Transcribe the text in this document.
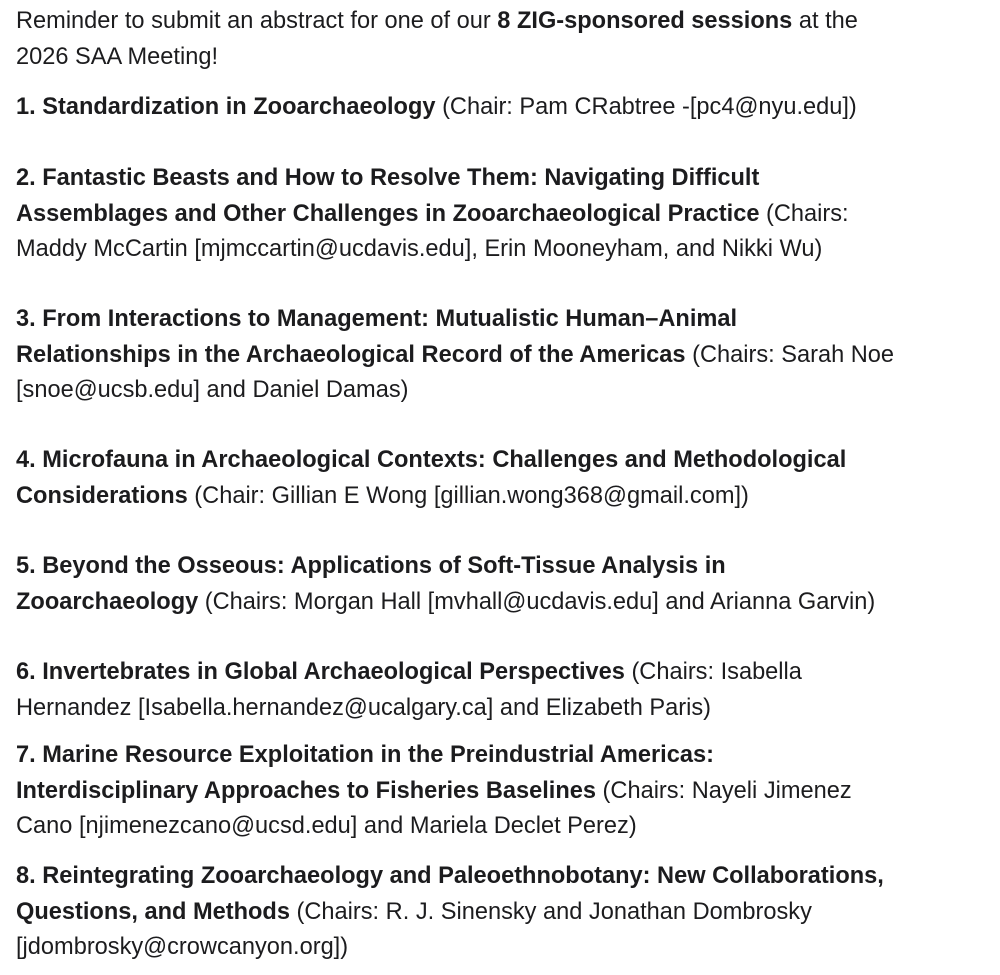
Reminder to submit an abstract for one of our 8 ZIG-sponsored sessions at the
2026 SAA Meeting!
1. Standardization in Zooarchaeology (Chair: Pam CRabtree -[pc4@nyu.edu])
2. Fantastic Beasts and How to Resolve Them: Navigating Difficult
Assemblages and Other Challenges in Zooarchaeological Practice (Chairs:
Maddy McCartin [mjmccartin@ucdavis.edu], Erin Mooneyham, and Nikki Wu)
3. From Interactions to Management: Mutualistic Human–Animal
Relationships in the Archaeological Record of the Americas (Chairs: Sarah Noe
[snoe@ucsb.edu] and Daniel Damas)
4. Microfauna in Archaeological Contexts: Challenges and Methodological
Considerations (Chair: Gillian E Wong [gillian.wong368@gmail.com])
5. Beyond the Osseous: Applications of Soft-Tissue Analysis in
Zooarchaeology (Chairs: Morgan Hall [mvhall@ucdavis.edu] and Arianna Garvin)
6. Invertebrates in Global Archaeological Perspectives (Chairs: Isabella
Hernandez [Isabella.hernandez@ucalgary.ca] and Elizabeth Paris)
7. Marine Resource Exploitation in the Preindustrial Americas:
Interdisciplinary Approaches to Fisheries Baselines (Chairs: Nayeli Jimenez
Cano [njimenezcano@ucsd.edu] and Mariela Declet Perez)
8. Reintegrating Zooarchaeology and Paleoethnobotany: New Collaborations,
Questions, and Methods (Chairs: R. J. Sinensky and Jonathan Dombrosky
[jdombrosky@crowcanyon.org])
